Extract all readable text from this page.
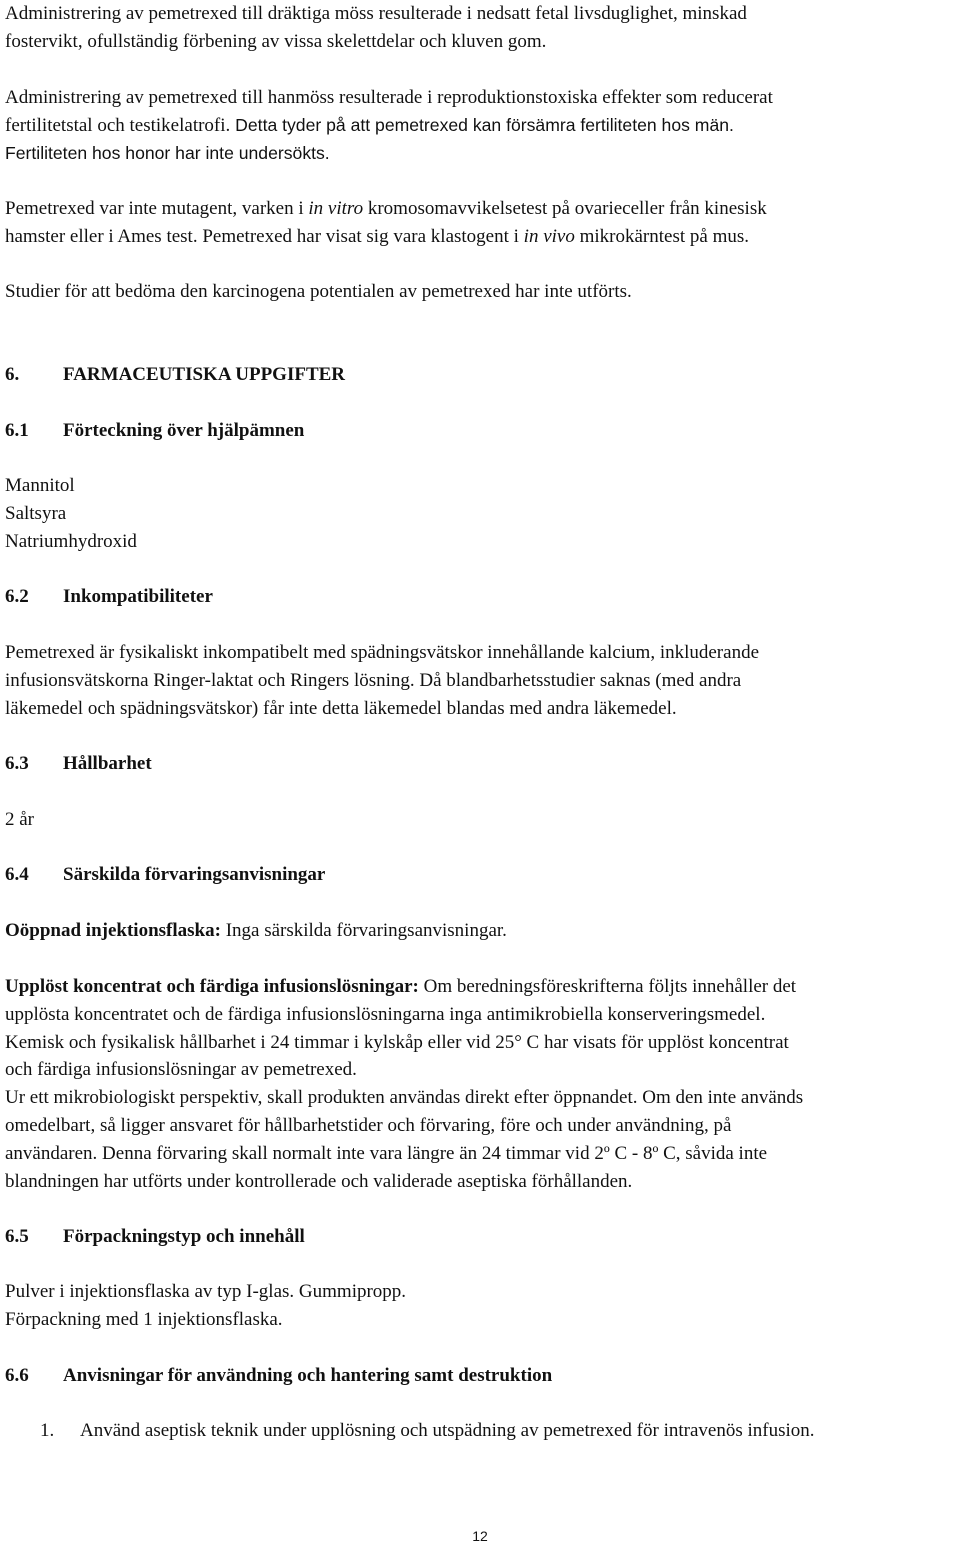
Administrering av pemetrexed till dräktiga möss resulterade i nedsatt fetal livsduglighet, minskad
fostervikt, ofullständig förbening av vissa skelettdelar och kluven gom.
Administrering av pemetrexed till hanmöss resulterade i reproduktionstoxiska effekter som reducerat
fertilitetstal och testikelatrofi. Detta tyder på att pemetrexed kan försämra fertiliteten hos män.
Fertiliteten hos honor har inte undersökts.
Pemetrexed var inte mutagent, varken i in vitro kromosomavvikelsetest på ovarieceller från kinesisk
hamster eller i Ames test. Pemetrexed har visat sig vara klastogent i in vivo mikrokärntest på mus.
Studier för att bedöma den karcinogena potentialen av pemetrexed har inte utförts.
6. FARMACEUTISKA UPPGIFTER
6.1 Förteckning över hjälpämnen
Mannitol
Saltsyra
Natriumhydroxid
6.2 Inkompatibiliteter
Pemetrexed är fysikaliskt inkompatibelt med spädningsvätskor innehållande kalcium, inkluderande
infusionsvätskorna Ringer-laktat och Ringers lösning. Då blandbarhetsstudier saknas (med andra
läkemedel och spädningsvätskor) får inte detta läkemedel blandas med andra läkemedel.
6.3 Hållbarhet
2 år
6.4 Särskilda förvaringsanvisningar
Oöppnad injektionsflaska: Inga särskilda förvaringsanvisningar.
Upplöst koncentrat och färdiga infusionslösningar: Om beredningsföreskrifterna följts innehåller det
upplösta koncentratet och de färdiga infusionslösningarna inga antimikrobiella konserveringsmedel.
Kemisk och fysikalisk hållbarhet i 24 timmar i kylskåp eller vid 25° C har visats för upplöst koncentrat
och färdiga infusionslösningar av pemetrexed.
Ur ett mikrobiologiskt perspektiv, skall produkten användas direkt efter öppnandet. Om den inte används
omedelbart, så ligger ansvaret för hållbarhetstider och förvaring, före och under användning, på
användaren. Denna förvaring skall normalt inte vara längre än 24 timmar vid 2º C - 8º C, såvida inte
blandningen har utförts under kontrollerade och validerade aseptiska förhållanden.
6.5 Förpackningstyp och innehåll
Pulver i injektionsflaska av typ I-glas. Gummipropp.
Förpackning med 1 injektionsflaska.
6.6 Anvisningar för användning och hantering samt destruktion
1. Använd aseptisk teknik under upplösning och utspädning av pemetrexed för intravenös infusion.
12
